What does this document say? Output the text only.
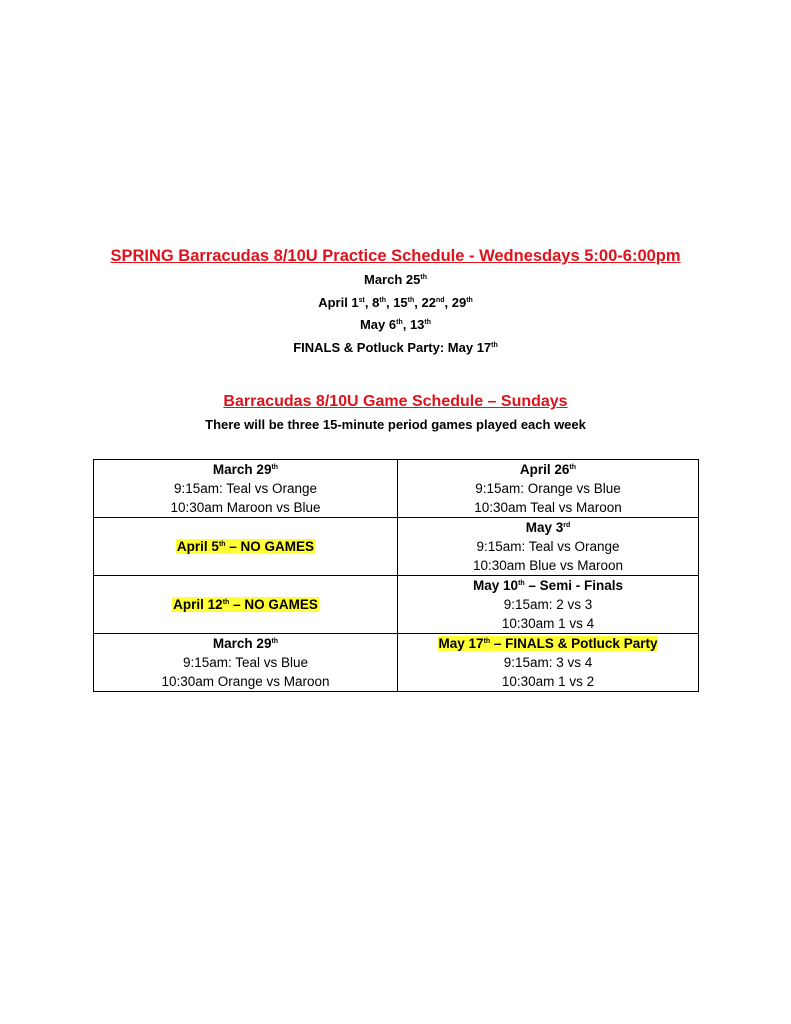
SPRING Barracudas 8/10U Practice Schedule - Wednesdays 5:00-6:00pm
March 25th
April 1st, 8th, 15th, 22nd, 29th
May 6th, 13th
FINALS & Potluck Party: May 17th
Barracudas 8/10U Game Schedule – Sundays
There will be three 15-minute period games played each week
March 29th
9:15am: Teal vs Orange
10:30am Maroon vs Blue	April 26th
9:15am: Orange vs Blue
10:30am Teal vs Maroon

April 5th – NO GAMES	May 3rd
9:15am: Teal vs Orange
10:30am Blue vs Maroon

April 12th – NO GAMES	May 10th – Semi - Finals
9:15am: 2 vs 3
10:30am 1 vs 4

March 29th
9:15am: Teal vs Blue
10:30am Orange vs Maroon	May 17th – FINALS & Potluck Party
9:15am: 3 vs 4
10:30am 1 vs 2
